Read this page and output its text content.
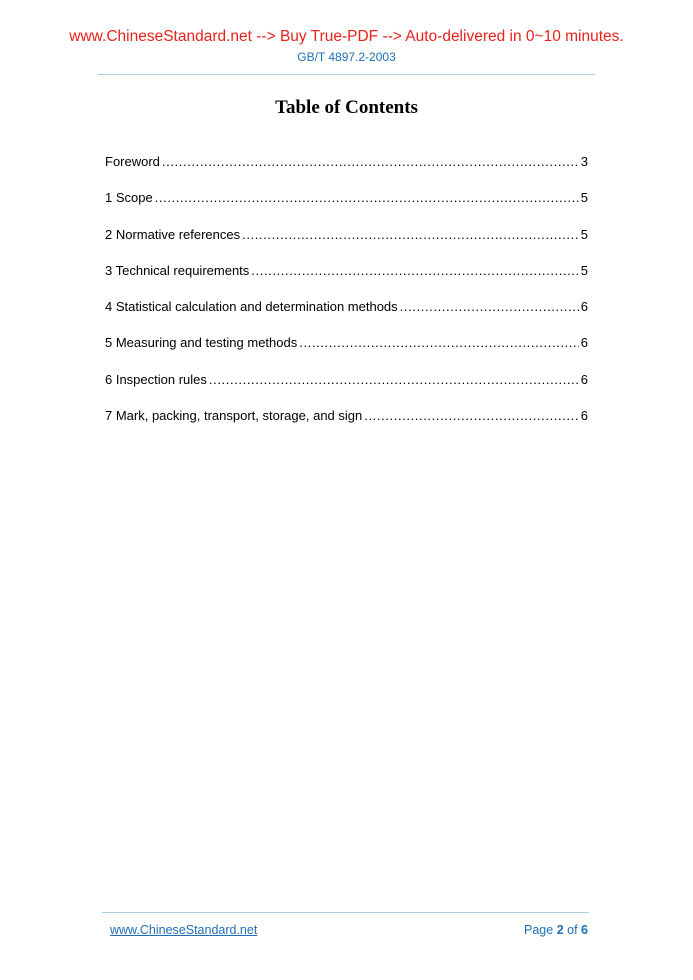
www.ChineseStandard.net --> Buy True-PDF --> Auto-delivered in 0~10 minutes.
GB/T 4897.2-2003
Table of Contents
Foreword .....	3
1 Scope .....	5
2 Normative references .....	5
3 Technical requirements .....	5
4 Statistical calculation and determination methods .....	6
5 Measuring and testing methods .....	6
6 Inspection rules .....	6
7 Mark, packing, transport, storage, and sign .....	6
www.ChineseStandard.net	Page 2 of 6
